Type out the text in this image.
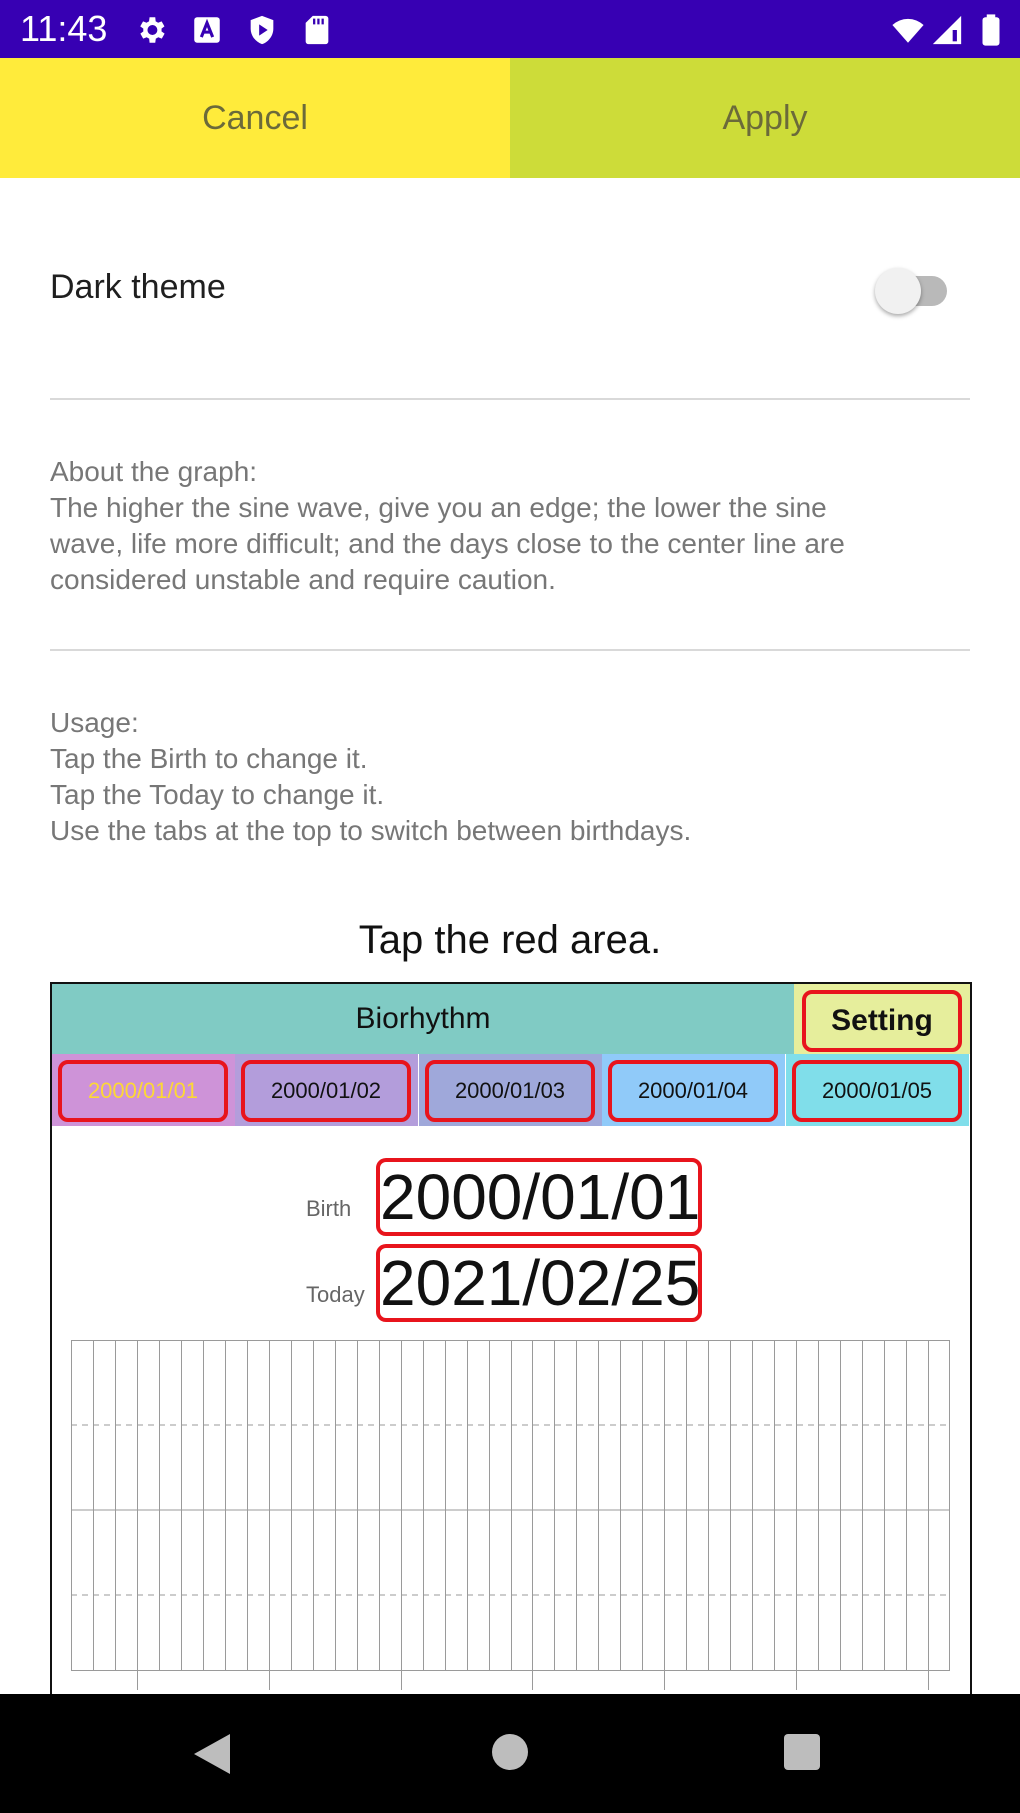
11:43
Cancel	Apply
Dark theme
About the graph:
The higher the sine wave, give you an edge; the lower the sine
wave, life more difficult; and the days close to the center line are
considered unstable and require caution.
Usage:
Tap the Birth to change it.
Tap the Today to change it.
Use the tabs at the top to switch between birthdays.
Tap the red area.
Biorhythm	Setting
2000/01/01	2000/01/02	2000/01/03	2000/01/04	2000/01/05
Birth 2000/01/01
Today 2021/02/25
